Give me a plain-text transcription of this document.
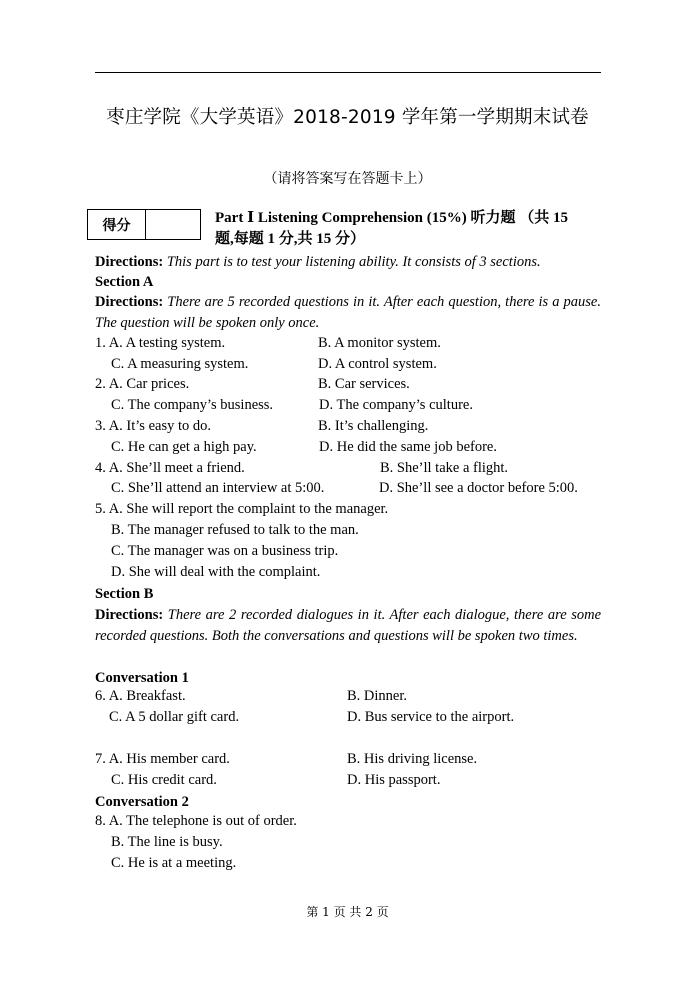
枣庄学院《大学英语》2018-2019 学年第一学期期末试卷
（请将答案写在答题卡上）
得分	Part Ⅰ Listening Comprehension (15%) 听力题 （共 15
题,每题 1 分,共 15 分）
Directions: This part is to test your listening ability. It consists of 3 sections.
Section A
Directions: There are 5 recorded questions in it. After each question, there is a pause. The question will be spoken only once.
1. A. A testing system.	B. A monitor system.
C. A measuring system.	D. A control system.
2. A. Car prices.	B. Car services.
C. The company’s business.	D. The company’s culture.
3. A. It’s easy to do.	B. It’s challenging.
C. He can get a high pay.	D. He did the same job before.
4. A. She’ll meet a friend.	B. She’ll take a flight.
C. She’ll attend an interview at 5:00.	D. She’ll see a doctor before 5:00.
5. A. She will report the complaint to the manager.
B. The manager refused to talk to the man.
C. The manager was on a business trip.
D. She will deal with the complaint.
Section B
Directions: There are 2 recorded dialogues in it. After each dialogue, there are some recorded questions. Both the conversations and questions will be spoken two times.
Conversation 1
6. A. Breakfast.	B. Dinner.
C. A 5 dollar gift card.	D. Bus service to the airport.
7. A. His member card.	B. His driving license.
C. His credit card.	D. His passport.
Conversation 2
8. A. The telephone is out of order.
B. The line is busy.
C. He is at a meeting.
第 1 页 共 2 页
